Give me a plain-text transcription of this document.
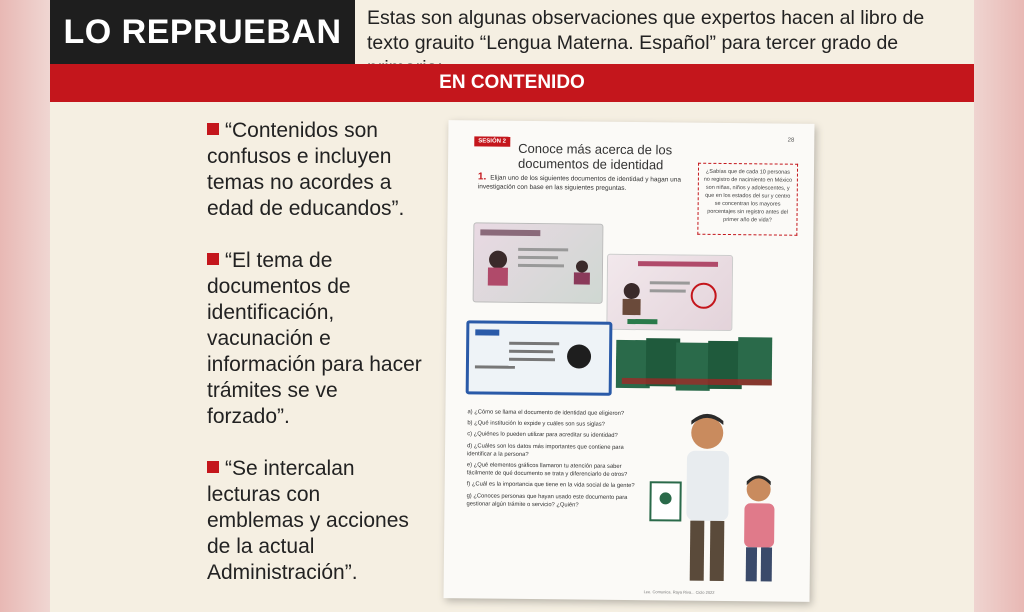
LO REPRUEBAN	Estas son algunas observaciones que expertos hacen al libro de texto grauito “Lengua Materna. Español” para tercer grado de
EN CONTENIDO
“Contenidos son confusos e incluyen temas no acordes a edad de educandos”.
“El tema de documentos de identificación, vacunación e información para hacer trámites se ve forzado”.
“Se intercalan lecturas con emblemas y acciones de la actual Administración”.
SESIÓN 2	28
Conoce más acerca de los documentos de identidad
1. Elijan uno de los siguientes documentos de identidad y hagan una investigación con base en las siguientes preguntas.
¿Sabías que de cada 10 personas no registro de nacimiento en México son niñas, niños y adolescentes, y que en los estados del sur y centro se concentran los mayores porcentajes sin registro antes del primer año de vida?
a) ¿Cómo se llama el documento de identidad que eligieron?
b) ¿Qué institución lo expide y cuáles son sus siglas?
c) ¿Quiénes lo pueden utilizar para acreditar su identidad?
d) ¿Cuáles son los datos más importantes que contiene para identificar a la persona?
e) ¿Qué elementos gráficos llamaron tu atención para saber fácilmente de qué documento se trata y diferenciarlo de otros?
f) ¿Cuál es la importancia que tiene en la vida social de la gente?
g) ¿Conoces personas que hayan usado este documento para gestionar algún trámite o servicio? ¿Quién?
Lee. Comunica. Raya Riva... Ciclo 2022
